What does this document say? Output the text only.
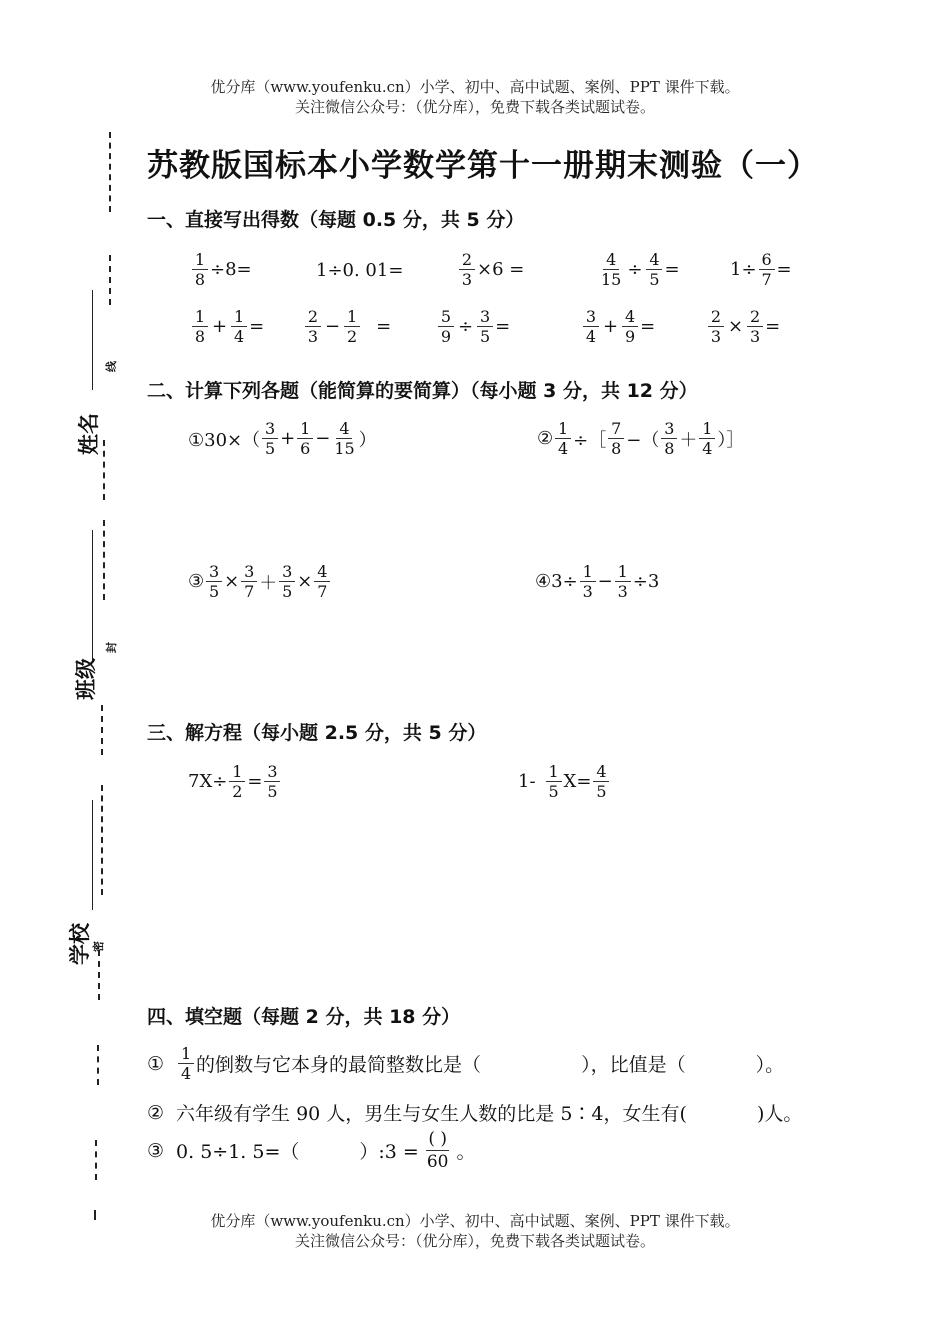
优分库（www.youfenku.cn）小学、初中、高中试题、案例、PPT 课件下载。
关注微信公众号：（优分库），免费下载各类试题试卷。
线
姓名
封
班级
密
学校
苏教版国标本小学数学第十一册期末测验（一）
一、直接写出得数（每题 0.5 分，共 5 分）
$\frac{1}{8} \div 8=$	1÷0. 01=	$\frac{2}{3} \times 6$ =	$\frac{4}{15} \div \frac{4}{5}$ =	$1\div \frac{6}{7}$ =
$\frac{1}{8} + \frac{1}{4}$ =	$\frac{2}{3} - \frac{1}{2}$ =	$\frac{5}{9} \div \frac{3}{5}$ =	$\frac{3}{4} + \frac{4}{9}$ =	$\frac{2}{3} \times \frac{2}{3}$ =
二、计算下列各题（能简算的要简算）（每小题 3 分，共 12 分）
①30×（ $\frac{3}{5} + \frac{1}{6} - \frac{4}{15}$ ）	② $\frac{1}{4}$ ÷［ $\frac{7}{8}$ −（ $\frac{3}{8} + \frac{1}{4}$ ）］
③ $\frac{3}{5} \times \frac{3}{7} + \frac{3}{5} \times \frac{4}{7}$	④3÷ $\frac{1}{3} - \frac{1}{3} \div 3$
三、解方程（每小题 2.5 分，共 5 分）
$7X\div \frac{1}{2} = \frac{3}{5}$	$1- \frac{1}{5} X= \frac{4}{5}$
四、填空题（每题 2 分，共 18 分）
① $\frac{1}{4}$ 的倒数与它本身的最简整数比是（	），比值是（	）。
② 六年级有学生 90 人，男生与女生人数的比是 5∶4，女生有(	)人。
③ 0. 5÷1. 5=（	）:3 = $\frac{( )}{60}$ 。
优分库（www.youfenku.cn）小学、初中、高中试题、案例、PPT 课件下载。
关注微信公众号：（优分库），免费下载各类试题试卷。
